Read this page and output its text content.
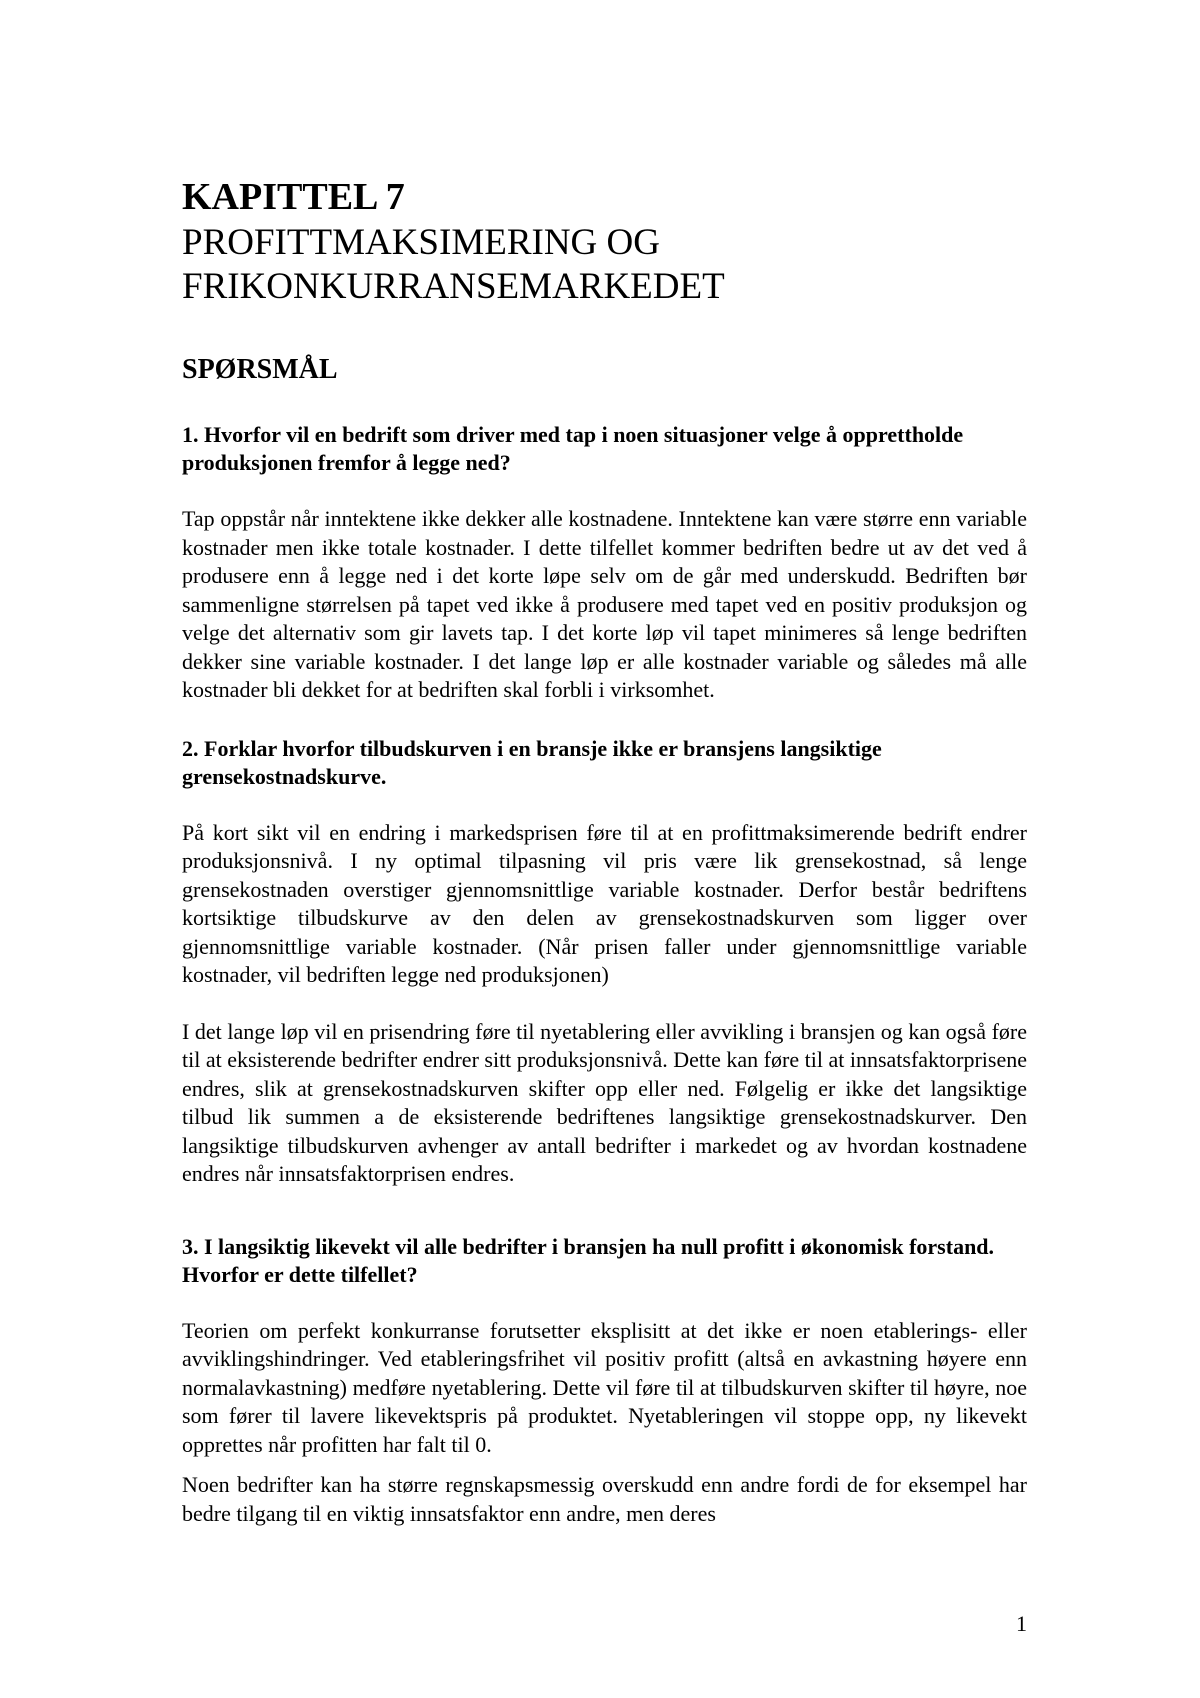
KAPITTEL 7
PROFITTMAKSIMERING OG
FRIKONKURRANSEMARKEDET
SPØRSMÅL
1. Hvorfor vil en bedrift som driver med tap i noen situasjoner velge å opprettholde produksjonen fremfor å legge ned?

Tap oppstår når inntektene ikke dekker alle kostnadene. Inntektene kan være større enn variable kostnader men ikke totale kostnader. I dette tilfellet kommer bedriften bedre ut av det ved å produsere enn å legge ned i det korte løpe selv om de går med underskudd. Bedriften bør sammenligne størrelsen på tapet ved ikke å produsere med tapet ved en positiv produksjon og velge det alternativ som gir lavets tap. I det korte løp vil tapet minimeres så lenge bedriften dekker sine variable kostnader. I det lange løp er alle kostnader variable og således må alle kostnader bli dekket for at bedriften skal forbli i virksomhet.

2. Forklar hvorfor tilbudskurven i en bransje ikke er bransjens langsiktige grensekostnadskurve.

På kort sikt vil en endring i markedsprisen føre til at en profittmaksimerende bedrift endrer produksjonsnivå. I ny optimal tilpasning vil pris være lik grensekostnad, så lenge grensekostnaden overstiger gjennomsnittlige variable kostnader. Derfor består bedriftens kortsiktige tilbudskurve av den delen av grensekostnadskurven som ligger over gjennomsnittlige variable kostnader. (Når prisen faller under gjennomsnittlige variable kostnader, vil bedriften legge ned produksjonen)

I det lange løp vil en prisendring føre til nyetablering eller avvikling i bransjen og kan også føre til at eksisterende bedrifter endrer sitt produksjonsnivå. Dette kan føre til at innsatsfaktorprisene endres, slik at grensekostnadskurven skifter opp eller ned. Følgelig er ikke det langsiktige tilbud lik summen a de eksisterende bedriftenes langsiktige grensekostnadskurver. Den langsiktige tilbudskurven avhenger av antall bedrifter i markedet og av hvordan kostnadene endres når innsatsfaktorprisen endres.

3. I langsiktig likevekt vil alle bedrifter i bransjen ha null profitt i økonomisk forstand. Hvorfor er dette tilfellet?

Teorien om perfekt konkurranse forutsetter eksplisitt at det ikke er noen etablerings- eller avviklingshindringer. Ved etableringsfrihet vil positiv profitt (altså en avkastning høyere enn normalavkastning) medføre nyetablering. Dette vil føre til at tilbudskurven skifter til høyre, noe som fører til lavere likevektspris på produktet. Nyetableringen vil stoppe opp, ny likevekt opprettes når profitten har falt til 0.

Noen bedrifter kan ha større regnskapsmessig overskudd enn andre fordi de for eksempel har bedre tilgang til en viktig innsatsfaktor enn andre, men deres

1
